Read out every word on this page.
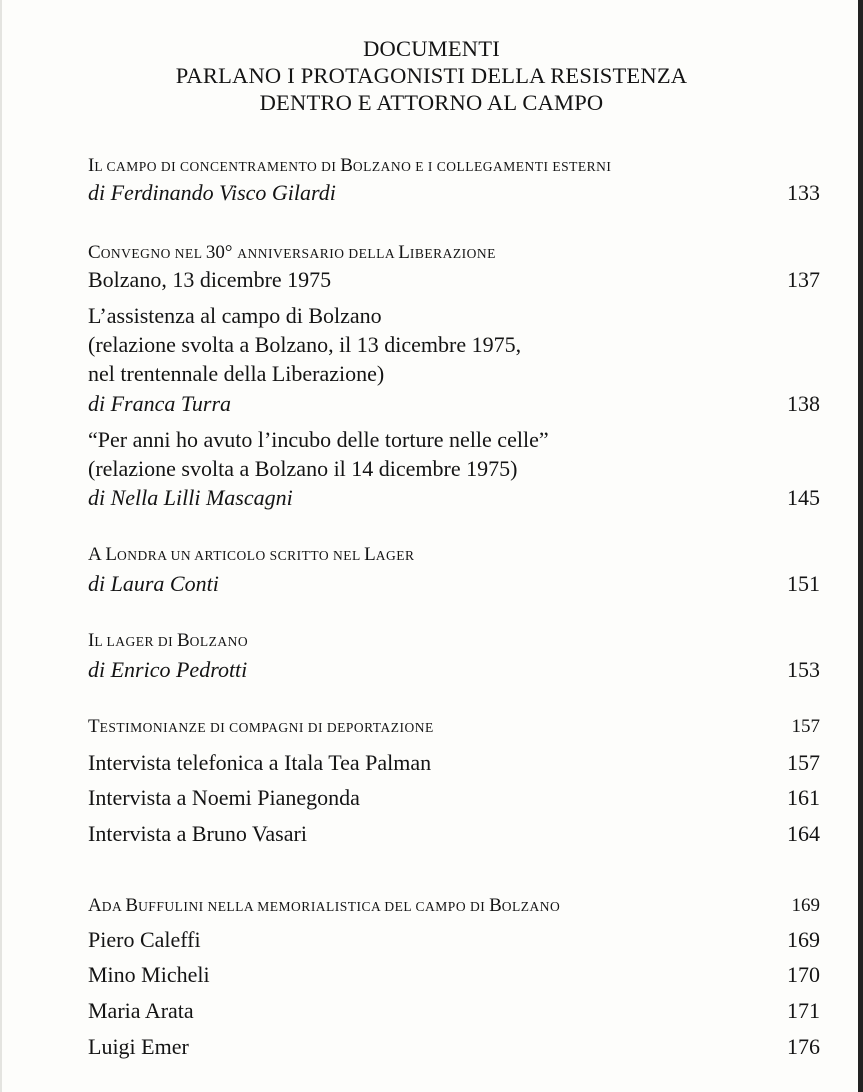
DOCUMENTI
PARLANO I PROTAGONISTI DELLA RESISTENZA
DENTRO E ATTORNO AL CAMPO
IL CAMPO DI CONCENTRAMENTO DI BOLZANO E I COLLEGAMENTI ESTERNI
di Ferdinando Visco Gilardi	133
CONVEGNO NEL 30° ANNIVERSARIO DELLA LIBERAZIONE
Bolzano, 13 dicembre 1975	137
L’assistenza al campo di Bolzano
(relazione svolta a Bolzano, il 13 dicembre 1975,
nel trentennale della Liberazione)
di Franca Turra	138
“Per anni ho avuto l’incubo delle torture nelle celle”
(relazione svolta a Bolzano il 14 dicembre 1975)
di Nella Lilli Mascagni	145
A LONDRA UN ARTICOLO SCRITTO NEL LAGER
di Laura Conti	151
IL LAGER DI BOLZANO
di Enrico Pedrotti	153
TESTIMONIANZE DI COMPAGNI DI DEPORTAZIONE	157
Intervista telefonica a Itala Tea Palman	157
Intervista a Noemi Pianegonda	161
Intervista a Bruno Vasari	164
ADA BUFFULINI NELLA MEMORIALISTICA DEL CAMPO DI BOLZANO	169
Piero Caleffi	169
Mino Micheli	170
Maria Arata	171
Luigi Emer	176
